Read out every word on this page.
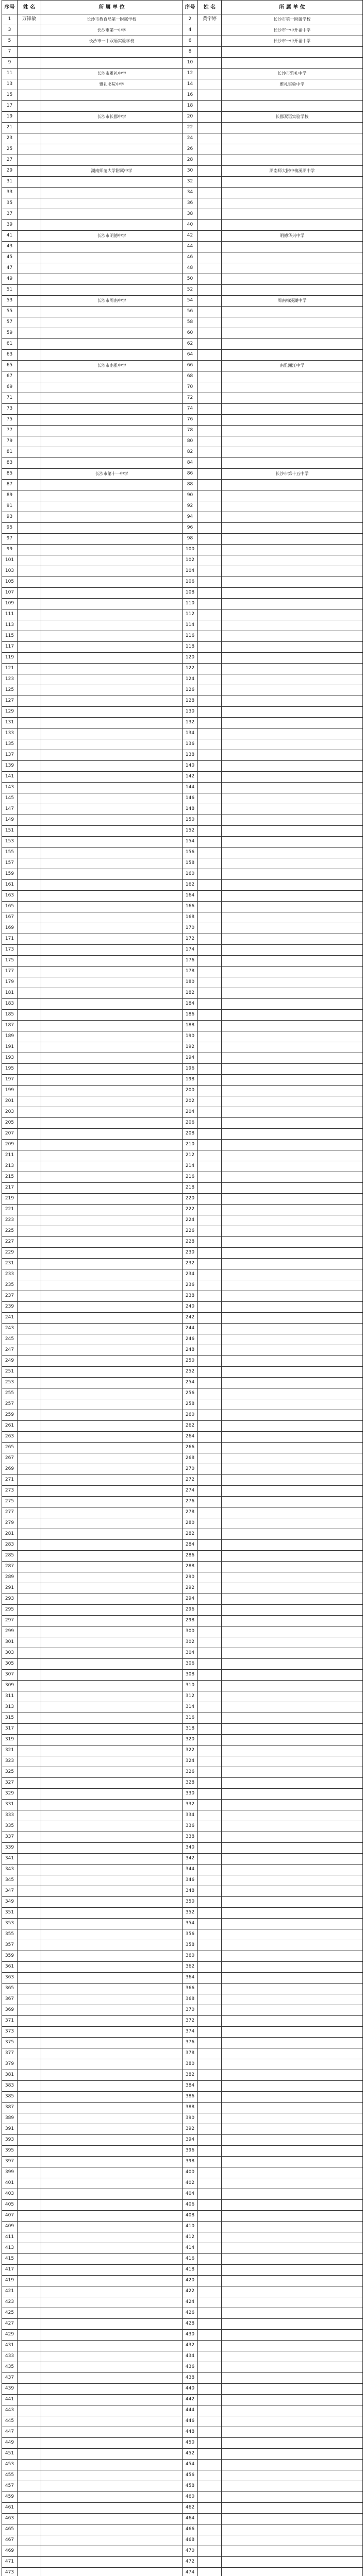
序号	姓 名	所 属 单 位	序号	姓 名	所 属 单 位
1	万锋敏	长沙市教育局第一附属学校	2	黄宇婷	长沙市第一附属学校
3		长沙市第一中学	4		长沙市一中开福中学
5		长沙市一中双语实验学校	6		长沙市一中开福中学
7			8		
9			10		
11		长沙市雅礼中学	12		长沙市雅礼中学
13		雅礼书院中学	14		雅礼实验中学
15			16		
17			18		
19		长沙市长郡中学	20		长郡双语实验学校
21			22		
23			24		
25			26		
27			28		
29		湖南师范大学附属中学	30		湖南师大附中梅溪湖中学
31			32		
33			34		
35			36		
37			38		
39			40		
41		长沙市明德中学	42		明德华兴中学
43			44		
45			46		
47			48		
49			50		
51			52		
53		长沙市周南中学	54		周南梅溪湖中学
55			56		
57			58		
59			60		
61			62		
63			64		
65		长沙市南雅中学	66		南雅湘江中学
67			68		
69			70		
71			72		
73			74		
75			76		
77			78		
79			80		
81			82		
83			84		
85		长沙市第十一中学	86		长沙市第十五中学
87			88		
89			90		
91			92		
93			94		
95			96		
97			98		
99			100		
101			102		
103			104		
105			106		
107			108		
109			110		
111			112		
113			114		
115			116		
117			118		
119			120		
121			122		
123			124		
125			126		
127			128		
129			130		
131			132		
133			134		
135			136		
137			138		
139			140		
141			142		
143			144		
145			146		
147			148		
149			150		
151			152		
153			154		
155			156		
157			158		
159			160		
161			162		
163			164		
165			166		
167			168		
169			170		
171			172		
173			174		
175			176		
177			178		
179			180		
181			182		
183			184		
185			186		
187			188		
189			190		
191			192		
193			194		
195			196		
197			198		
199			200		
201			202		
203			204		
205			206		
207			208		
209			210		
211			212		
213			214		
215			216		
217			218		
219			220		
221			222		
223			224		
225			226		
227			228		
229			230		
231			232		
233			234		
235			236		
237			238		
239			240		
241			242		
243			244		
245			246		
247			248		
249			250		
251			252		
253			254		
255			256		
257			258		
259			260		
261			262		
263			264		
265			266		
267			268		
269			270		
271			272		
273			274		
275			276		
277			278		
279			280		
281			282		
283			284		
285			286		
287			288		
289			290		
291			292		
293			294		
295			296		
297			298		
299			300		
301			302		
303			304		
305			306		
307			308		
309			310		
311			312		
313			314		
315			316		
317			318		
319			320		
321			322		
323			324		
325			326		
327			328		
329			330		
331			332		
333			334		
335			336		
337			338		
339			340		
341			342		
343			344		
345			346		
347			348		
349			350		
351			352		
353			354		
355			356		
357			358		
359			360		
361			362		
363			364		
365			366		
367			368		
369			370		
371			372		
373			374		
375			376		
377			378		
379			380		
381			382		
383			384		
385			386		
387			388		
389			390		
391			392		
393			394		
395			396		
397			398		
399			400		
401			402		
403			404		
405			406		
407			408		
409			410		
411			412		
413			414		
415			416		
417			418		
419			420		
421			422		
423			424		
425			426		
427			428		
429			430		
431			432		
433			434		
435			436		
437			438		
439			440		
441			442		
443			444		
445			446		
447			448		
449			450		
451			452		
453			454		
455			456		
457			458		
459			460		
461			462		
463			464		
465			466		
467			468		
469			470		
471			472		
473			474		
